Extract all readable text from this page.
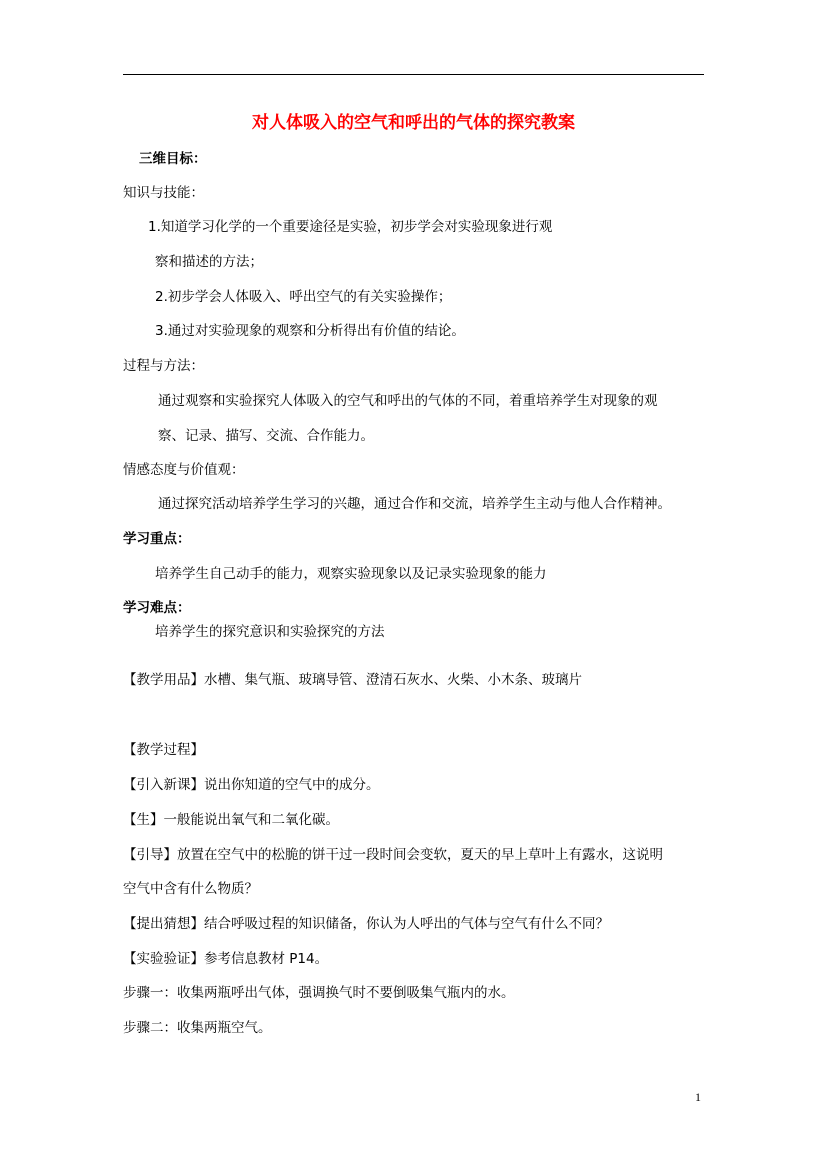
对人体吸入的空气和呼出的气体的探究教案
三维目标：
知识与技能：
1.知道学习化学的一个重要途径是实验，初步学会对实验现象进行观
察和描述的方法；
2.初步学会人体吸入、呼出空气的有关实验操作；
3.通过对实验现象的观察和分析得出有价值的结论。
过程与方法：
通过观察和实验探究人体吸入的空气和呼出的气体的不同，着重培养学生对现象的观
察、记录、描写、交流、合作能力。
情感态度与价值观：
通过探究活动培养学生学习的兴趣，通过合作和交流，培养学生主动与他人合作精神。
学习重点：
培养学生自己动手的能力，观察实验现象以及记录实验现象的能力
学习难点：
培养学生的探究意识和实验探究的方法
【教学用品】水槽、集气瓶、玻璃导管、澄清石灰水、火柴、小木条、玻璃片
【教学过程】
【引入新课】说出你知道的空气中的成分。
【生】一般能说出氧气和二氧化碳。
【引导】放置在空气中的松脆的饼干过一段时间会变软，夏天的早上草叶上有露水，这说明
空气中含有什么物质？
【提出猜想】结合呼吸过程的知识储备，你认为人呼出的气体与空气有什么不同？
【实验验证】参考信息教材 P14。
步骤一：收集两瓶呼出气体，强调换气时不要倒吸集气瓶内的水。
步骤二：收集两瓶空气。
1
